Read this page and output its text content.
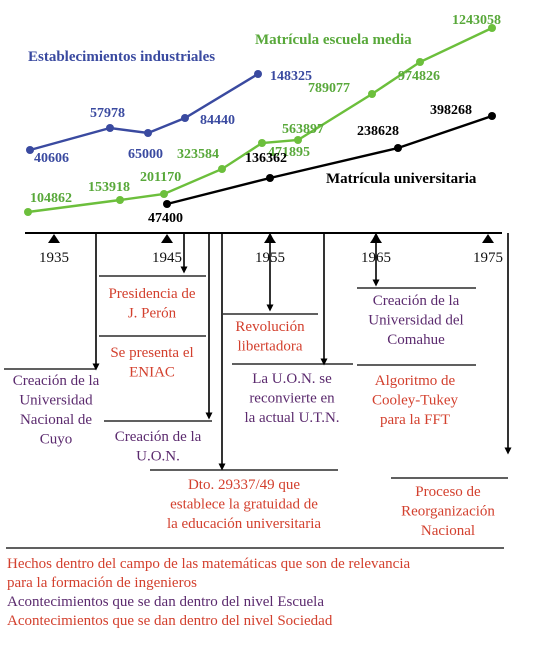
40606
57978
65000
84440
148325
Establecimientos industriales
104862
153918
201170
323584	471895
563897
789077
974826
1243058
Matrícula escuela media
47400
136362
238628
398268
Matrícula universitaria
1935	1945	1955	1965	1975
Presidencia de
J. Perón
Se presenta el
ENIAC
Creación de la
Universidad
Nacional de
Cuyo	Creación de la
U.O.N.
Dto. 29337/49 que
establece la gratuidad de
la educación universitaria
Revolución
libertadora
La U.O.N. se
reconvierte en
la actual U.T.N.
Creación de la
Universidad del
Comahue
Algoritmo de
Cooley-Tukey
para la FFT
Proceso de
Reorganización
Nacional
Hechos dentro del campo de las matemáticas que son de relevancia
para la formación de ingenieros
Acontecimientos que se dan dentro del nivel Escuela
Acontecimientos que se dan dentro del nivel Sociedad
